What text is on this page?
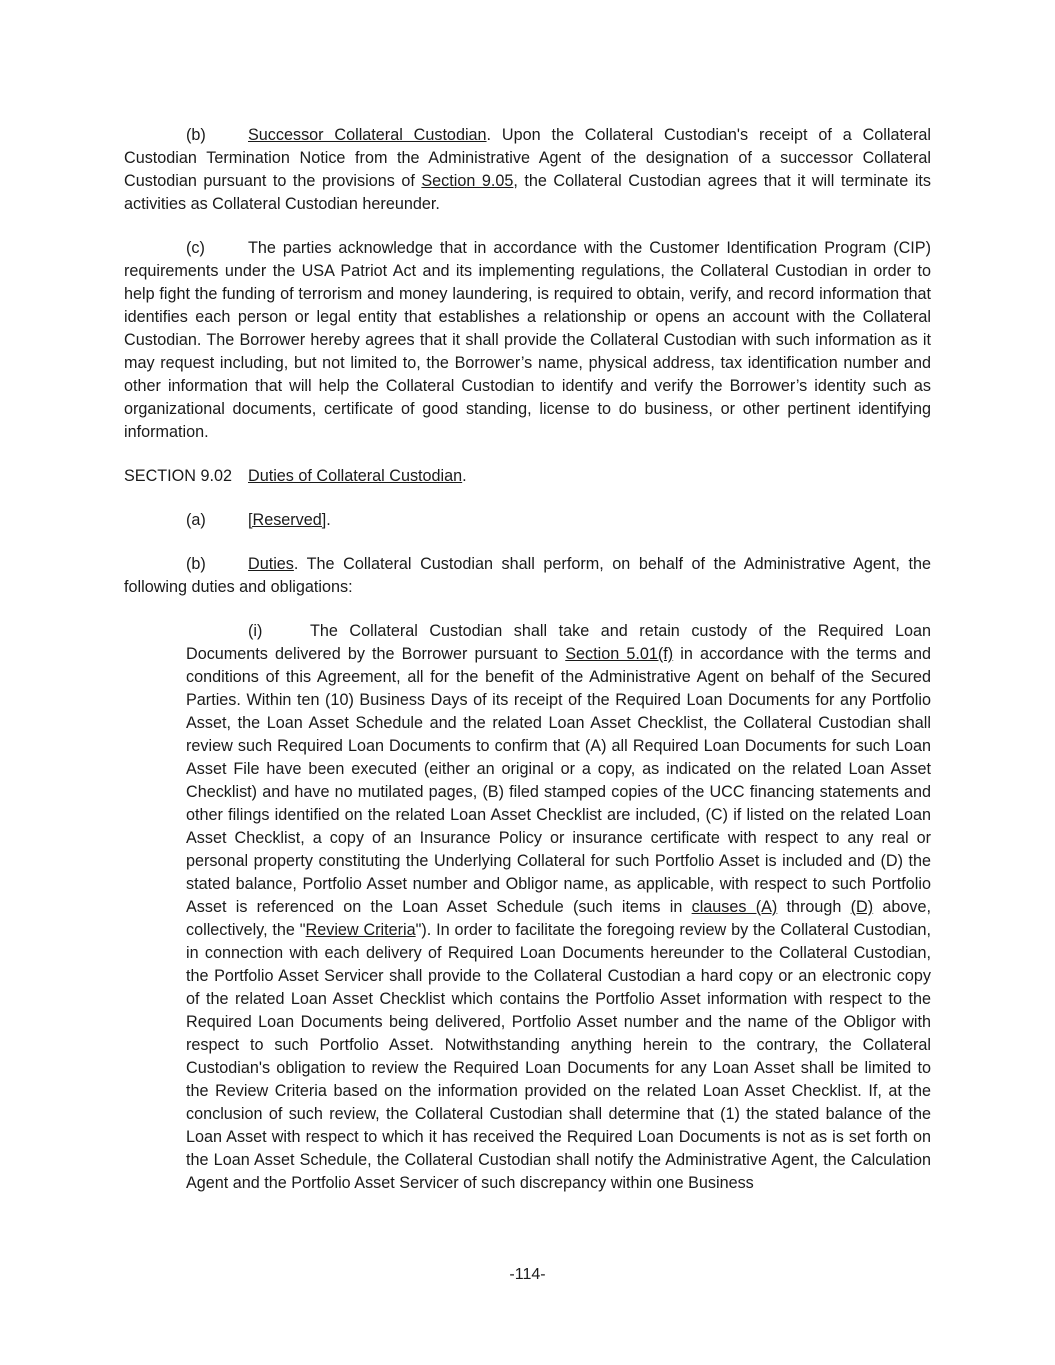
(b)	Successor Collateral Custodian. Upon the Collateral Custodian's receipt of a Collateral Custodian Termination Notice from the Administrative Agent of the designation of a successor Collateral Custodian pursuant to the provisions of Section 9.05, the Collateral Custodian agrees that it will terminate its activities as Collateral Custodian hereunder.

(c)	The parties acknowledge that in accordance with the Customer Identification Program (CIP) requirements under the USA Patriot Act and its implementing regulations, the Collateral Custodian in order to help fight the funding of terrorism and money laundering, is required to obtain, verify, and record information that identifies each person or legal entity that establishes a relationship or opens an account with the Collateral Custodian. The Borrower hereby agrees that it shall provide the Collateral Custodian with such information as it may request including, but not limited to, the Borrower’s name, physical address, tax identification number and other information that will help the Collateral Custodian to identify and verify the Borrower’s identity such as organizational documents, certificate of good standing, license to do business, or other pertinent identifying information.

SECTION 9.02 Duties of Collateral Custodian.

(a)	[Reserved].

(b)	Duties. The Collateral Custodian shall perform, on behalf of the Administrative Agent, the following duties and obligations:

(i)	The Collateral Custodian shall take and retain custody of the Required Loan Documents delivered by the Borrower pursuant to Section 5.01(f) in accordance with the terms and conditions of this Agreement, all for the benefit of the Administrative Agent on behalf of the Secured Parties. Within ten (10) Business Days of its receipt of the Required Loan Documents for any Portfolio Asset, the Loan Asset Schedule and the related Loan Asset Checklist, the Collateral Custodian shall review such Required Loan Documents to confirm that (A) all Required Loan Documents for such Loan Asset File have been executed (either an original or a copy, as indicated on the related Loan Asset Checklist) and have no mutilated pages, (B) filed stamped copies of the UCC financing statements and other filings identified on the related Loan Asset Checklist are included, (C) if listed on the related Loan Asset Checklist, a copy of an Insurance Policy or insurance certificate with respect to any real or personal property constituting the Underlying Collateral for such Portfolio Asset is included and (D) the stated balance, Portfolio Asset number and Obligor name, as applicable, with respect to such Portfolio Asset is referenced on the Loan Asset Schedule (such items in clauses (A) through (D) above, collectively, the "Review Criteria"). In order to facilitate the foregoing review by the Collateral Custodian, in connection with each delivery of Required Loan Documents hereunder to the Collateral Custodian, the Portfolio Asset Servicer shall provide to the Collateral Custodian a hard copy or an electronic copy of the related Loan Asset Checklist which contains the Portfolio Asset information with respect to the Required Loan Documents being delivered, Portfolio Asset number and the name of the Obligor with respect to such Portfolio Asset. Notwithstanding anything herein to the contrary, the Collateral Custodian's obligation to review the Required Loan Documents for any Loan Asset shall be limited to the Review Criteria based on the information provided on the related Loan Asset Checklist. If, at the conclusion of such review, the Collateral Custodian shall determine that (1) the stated balance of the Loan Asset with respect to which it has received the Required Loan Documents is not as is set forth on the Loan Asset Schedule, the Collateral Custodian shall notify the Administrative Agent, the Calculation Agent and the Portfolio Asset Servicer of such discrepancy within one Business

-114-
